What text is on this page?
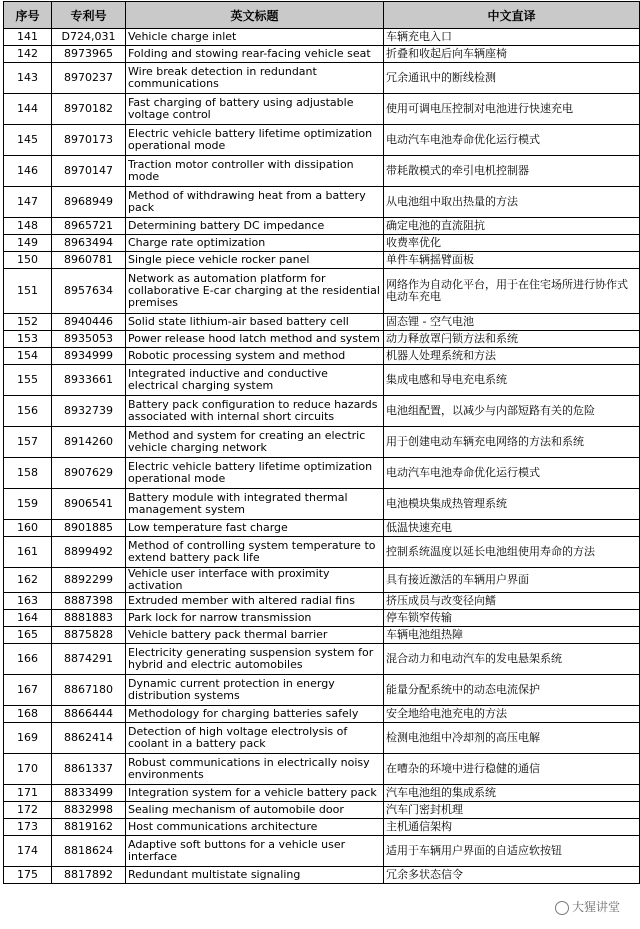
序号	专利号	英文标题	中文直译
141	D724,031	Vehicle charge inlet	车辆充电入口
142	8973965	Folding and stowing rear-facing vehicle seat	折叠和收起后向车辆座椅
143	8970237	Wire break detection in redundant communications	冗余通讯中的断线检测
144	8970182	Fast charging of battery using adjustable voltage control	使用可调电压控制对电池进行快速充电
145	8970173	Electric vehicle battery lifetime optimization operational mode	电动汽车电池寿命优化运行模式
146	8970147	Traction motor controller with dissipation mode	带耗散模式的牵引电机控制器
147	8968949	Method of withdrawing heat from a battery pack	从电池组中取出热量的方法
148	8965721	Determining battery DC impedance	确定电池的直流阻抗
149	8963494	Charge rate optimization	收费率优化
150	8960781	Single piece vehicle rocker panel	单件车辆摇臂面板
151	8957634	Network as automation platform for collaborative E-car charging at the residential premises	网络作为自动化平台，用于在住宅场所进行协作式电动车充电
152	8940446	Solid state lithium-air based battery cell	固态锂 - 空气电池
153	8935053	Power release hood latch method and system	动力释放罩闩锁方法和系统
154	8934999	Robotic processing system and method	机器人处理系统和方法
155	8933661	Integrated inductive and conductive electrical charging system	集成电感和导电充电系统
156	8932739	Battery pack configuration to reduce hazards associated with internal short circuits	电池组配置，以减少与内部短路有关的危险
157	8914260	Method and system for creating an electric vehicle charging network	用于创建电动车辆充电网络的方法和系统
158	8907629	Electric vehicle battery lifetime optimization operational mode	电动汽车电池寿命优化运行模式
159	8906541	Battery module with integrated thermal management system	电池模块集成热管理系统
160	8901885	Low temperature fast charge	低温快速充电
161	8899492	Method of controlling system temperature to extend battery pack life	控制系统温度以延长电池组使用寿命的方法
162	8892299	Vehicle user interface with proximity activation	具有接近激活的车辆用户界面
163	8887398	Extruded member with altered radial fins	挤压成员与改变径向鳍
164	8881883	Park lock for narrow transmission	停车锁窄传输
165	8875828	Vehicle battery pack thermal barrier	车辆电池组热障
166	8874291	Electricity generating suspension system for hybrid and electric automobiles	混合动力和电动汽车的发电悬架系统
167	8867180	Dynamic current protection in energy distribution systems	能量分配系统中的动态电流保护
168	8866444	Methodology for charging batteries safely	安全地给电池充电的方法
169	8862414	Detection of high voltage electrolysis of coolant in a battery pack	检测电池组中冷却剂的高压电解
170	8861337	Robust communications in electrically noisy environments	在嘈杂的环境中进行稳健的通信
171	8833499	Integration system for a vehicle battery pack	汽车电池组的集成系统
172	8832998	Sealing mechanism of automobile door	汽车门密封机理
173	8819162	Host communications architecture	主机通信架构
174	8818624	Adaptive soft buttons for a vehicle user interface	适用于车辆用户界面的自适应软按钮
175	8817892	Redundant multistate signaling	冗余多状态信令
大猩讲堂
